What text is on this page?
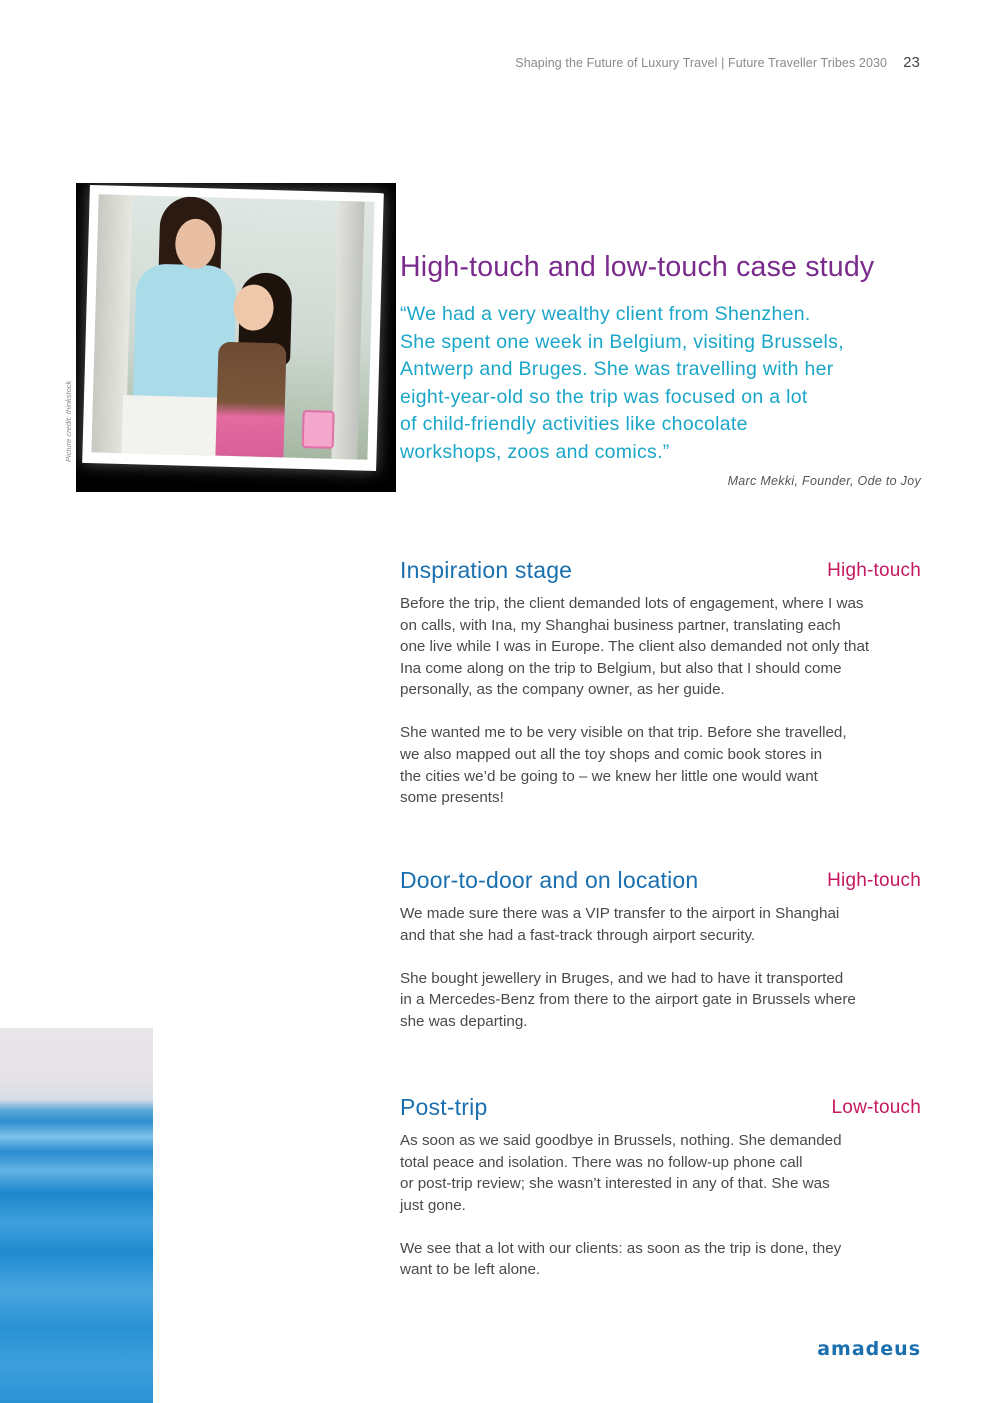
Shaping the Future of Luxury Travel | Future Traveller Tribes 2030 23
Picture credit: thinkstock
High-touch and low-touch case study

“We had a very wealthy client from Shenzhen.
She spent one week in Belgium, visiting Brussels,
Antwerp and Bruges. She was travelling with her
eight-year-old so the trip was focused on a lot
of child-friendly activities like chocolate
workshops, zoos and comics.”

Marc Mekki, Founder, Ode to Joy
Inspiration stage	High-touch

Before the trip, the client demanded lots of engagement, where I was
on calls, with Ina, my Shanghai business partner, translating each
one live while I was in Europe. The client also demanded not only that
Ina come along on the trip to Belgium, but also that I should come
personally, as the company owner, as her guide.

She wanted me to be very visible on that trip. Before she travelled,
we also mapped out all the toy shops and comic book stores in
the cities we’d be going to – we knew her little one would want
some presents!

Door-to-door and on location	High-touch

We made sure there was a VIP transfer to the airport in Shanghai
and that she had a fast-track through airport security.

She bought jewellery in Bruges, and we had to have it transported
in a Mercedes-Benz from there to the airport gate in Brussels where
she was departing.

Post-trip	Low-touch

As soon as we said goodbye in Brussels, nothing. She demanded
total peace and isolation. There was no follow-up phone call
or post-trip review; she wasn’t interested in any of that. She was
just gone.

We see that a lot with our clients: as soon as the trip is done, they
want to be left alone.

amadeus
